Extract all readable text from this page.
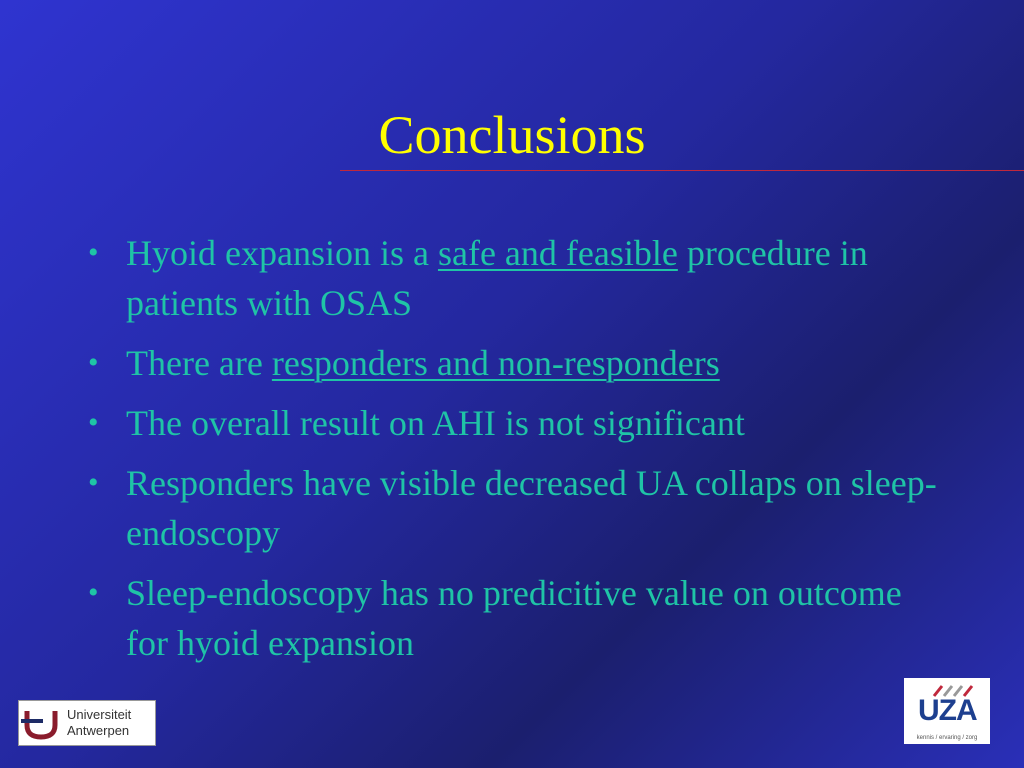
Conclusions
• Hyoid expansion is a safe and feasible procedure in patients with OSAS
• There are responders and non-responders
• The overall result on AHI is not significant
• Responders have visible decreased UA collaps on sleep-endoscopy
• Sleep-endoscopy has no predicitive value on outcome for hyoid expansion
Universiteit
Antwerpen
UZA
kennis / ervaring / zorg
